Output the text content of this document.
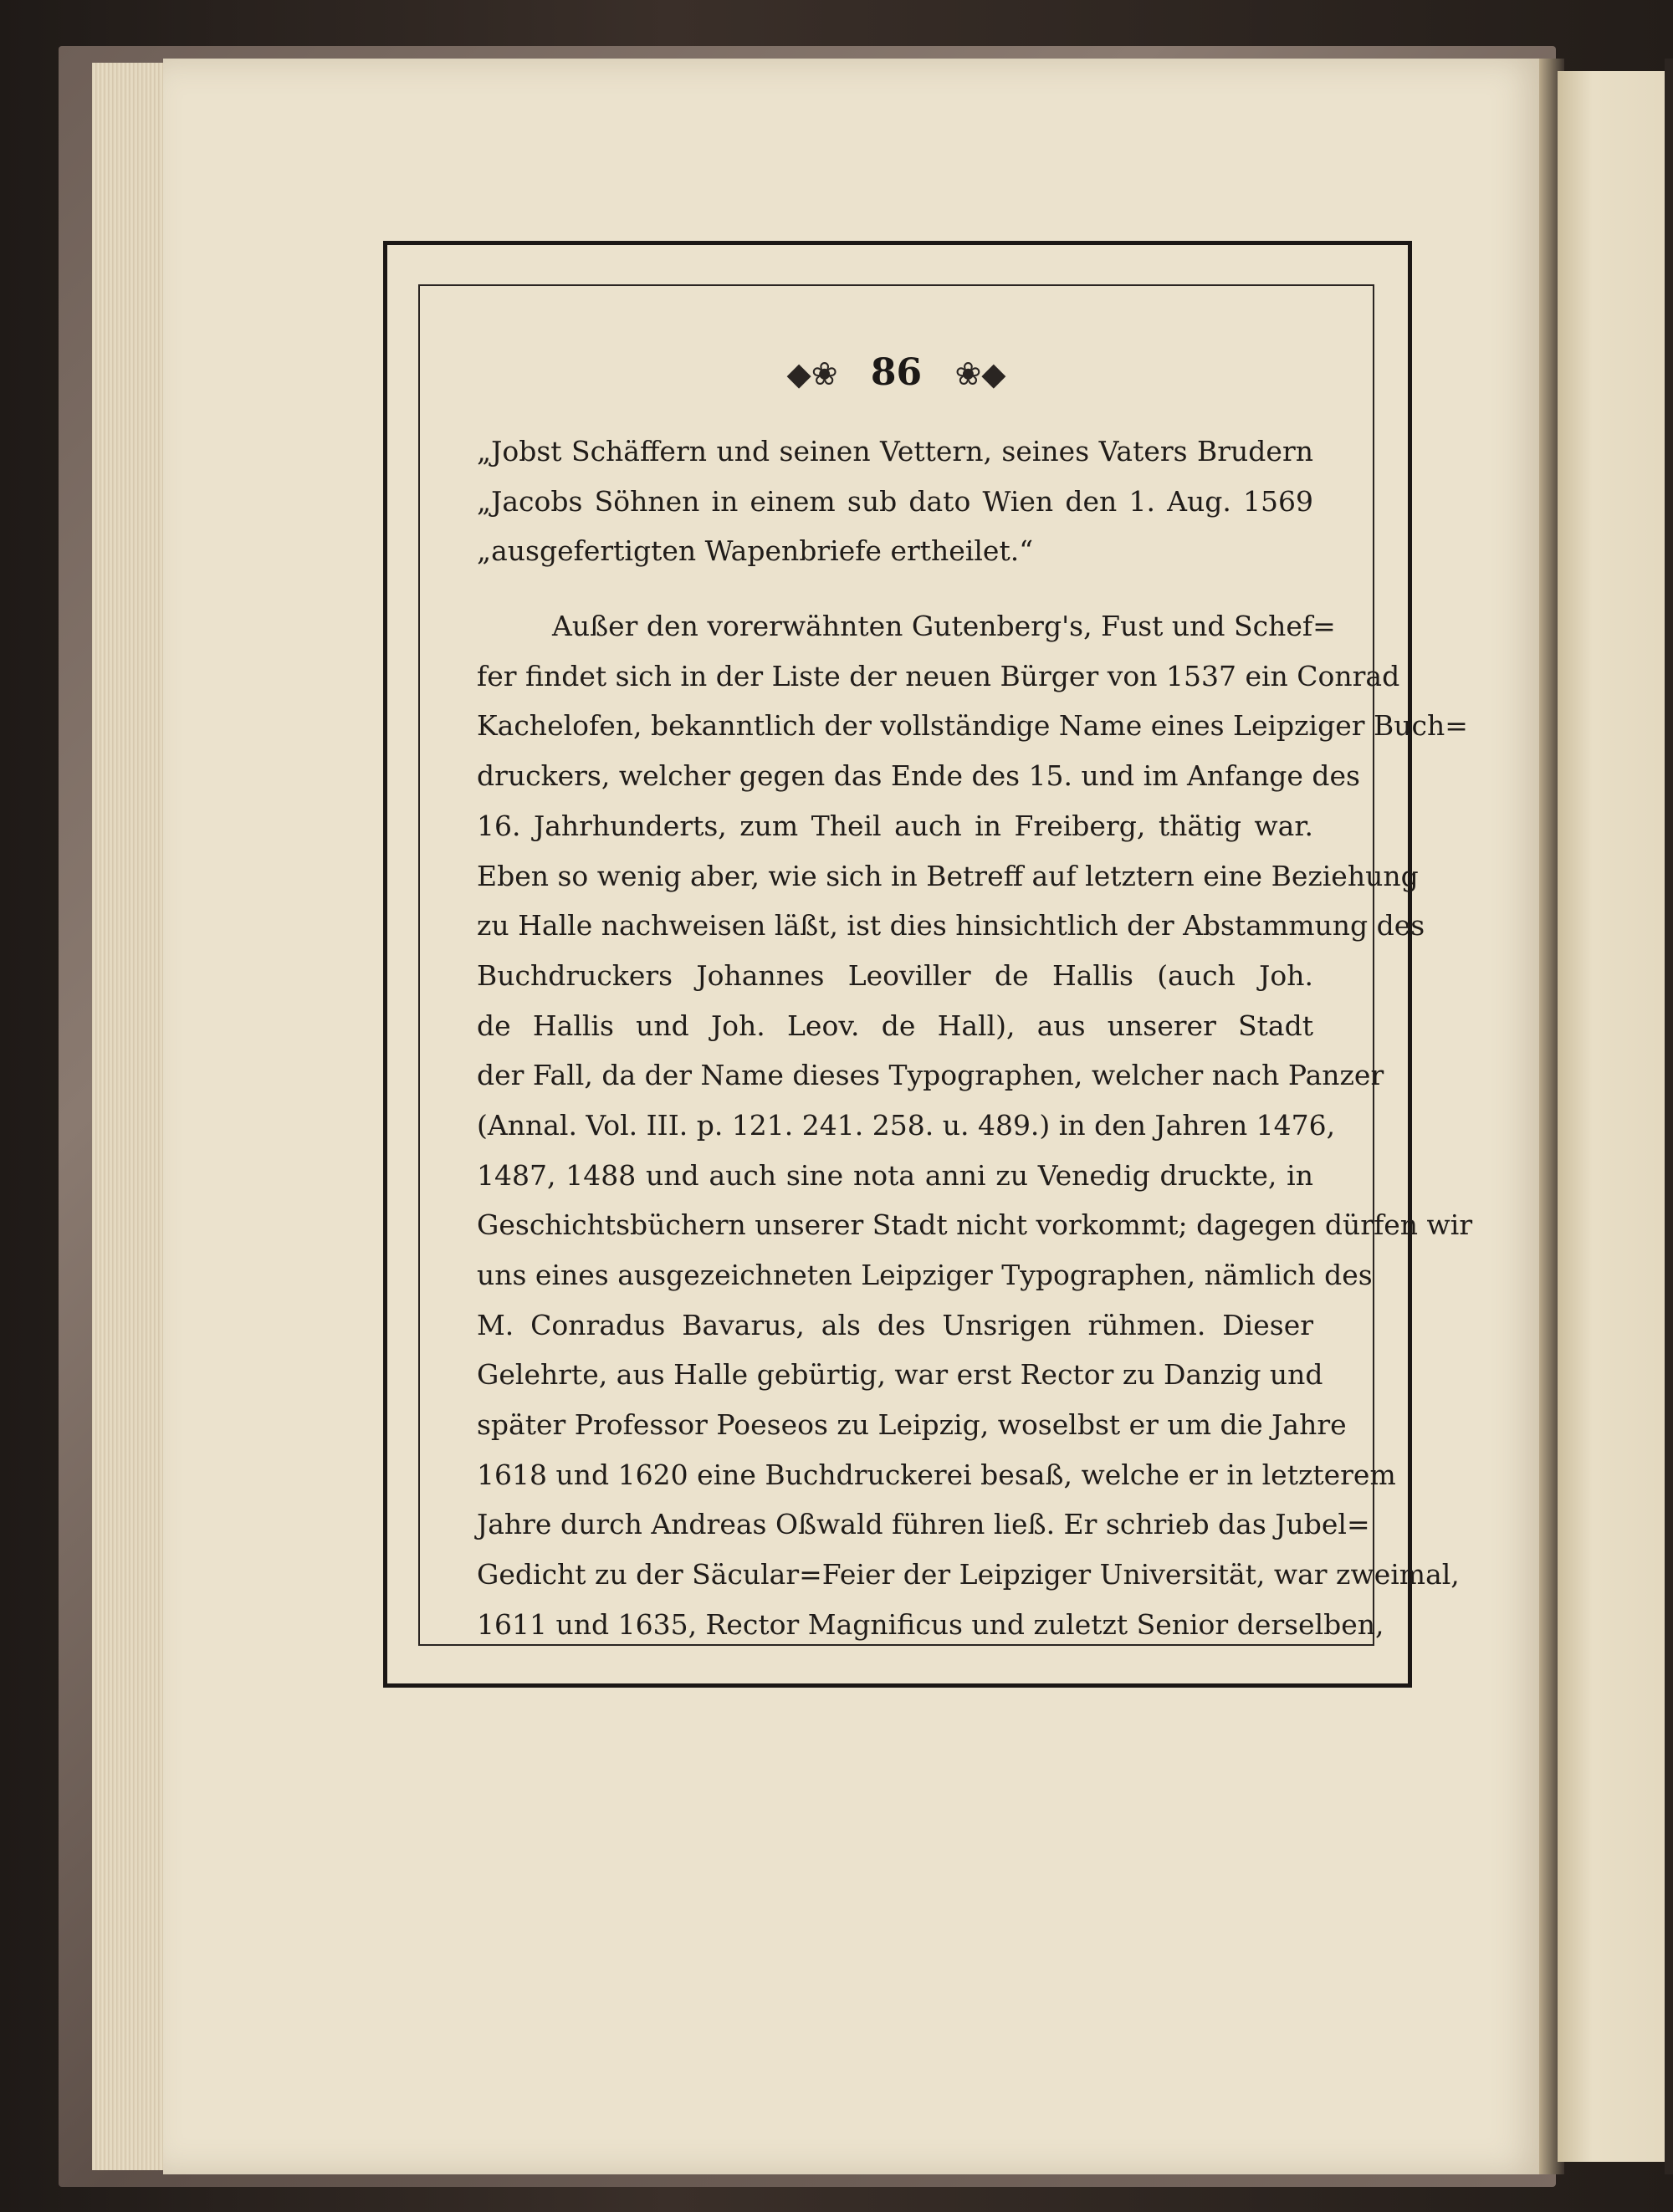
◆❀ 86 ❀◆
„Jobst Schäffern und seinen Vettern, seines Vaters Brudern
„Jacobs Söhnen in einem sub dato Wien den 1. Aug. 1569
„ausgefertigten Wapenbriefe ertheilet.“
Außer den vorerwähnten Gutenberg's, Fust und Schef=
fer findet sich in der Liste der neuen Bürger von 1537 ein Conrad
Kachelofen, bekanntlich der vollständige Name eines Leipziger Buch=
druckers, welcher gegen das Ende des 15. und im Anfange des
16. Jahrhunderts, zum Theil auch in Freiberg, thätig war.
Eben so wenig aber, wie sich in Betreff auf letztern eine Beziehung
zu Halle nachweisen läßt, ist dies hinsichtlich der Abstammung des
Buchdruckers Johannes Leoviller de Hallis (auch Joh.
de Hallis und Joh. Leov. de Hall), aus unserer Stadt
der Fall, da der Name dieses Typographen, welcher nach Panzer
(Annal. Vol. III. p. 121. 241. 258. u. 489.) in den Jahren 1476,
1487, 1488 und auch sine nota anni zu Venedig druckte, in
Geschichtsbüchern unserer Stadt nicht vorkommt; dagegen dürfen wir
uns eines ausgezeichneten Leipziger Typographen, nämlich des
M. Conradus Bavarus, als des Unsrigen rühmen. Dieser
Gelehrte, aus Halle gebürtig, war erst Rector zu Danzig und
später Professor Poeseos zu Leipzig, woselbst er um die Jahre
1618 und 1620 eine Buchdruckerei besaß, welche er in letzterem
Jahre durch Andreas Oßwald führen ließ. Er schrieb das Jubel=
Gedicht zu der Säcular=Feier der Leipziger Universität, war zweimal,
1611 und 1635, Rector Magnificus und zuletzt Senior derselben,
